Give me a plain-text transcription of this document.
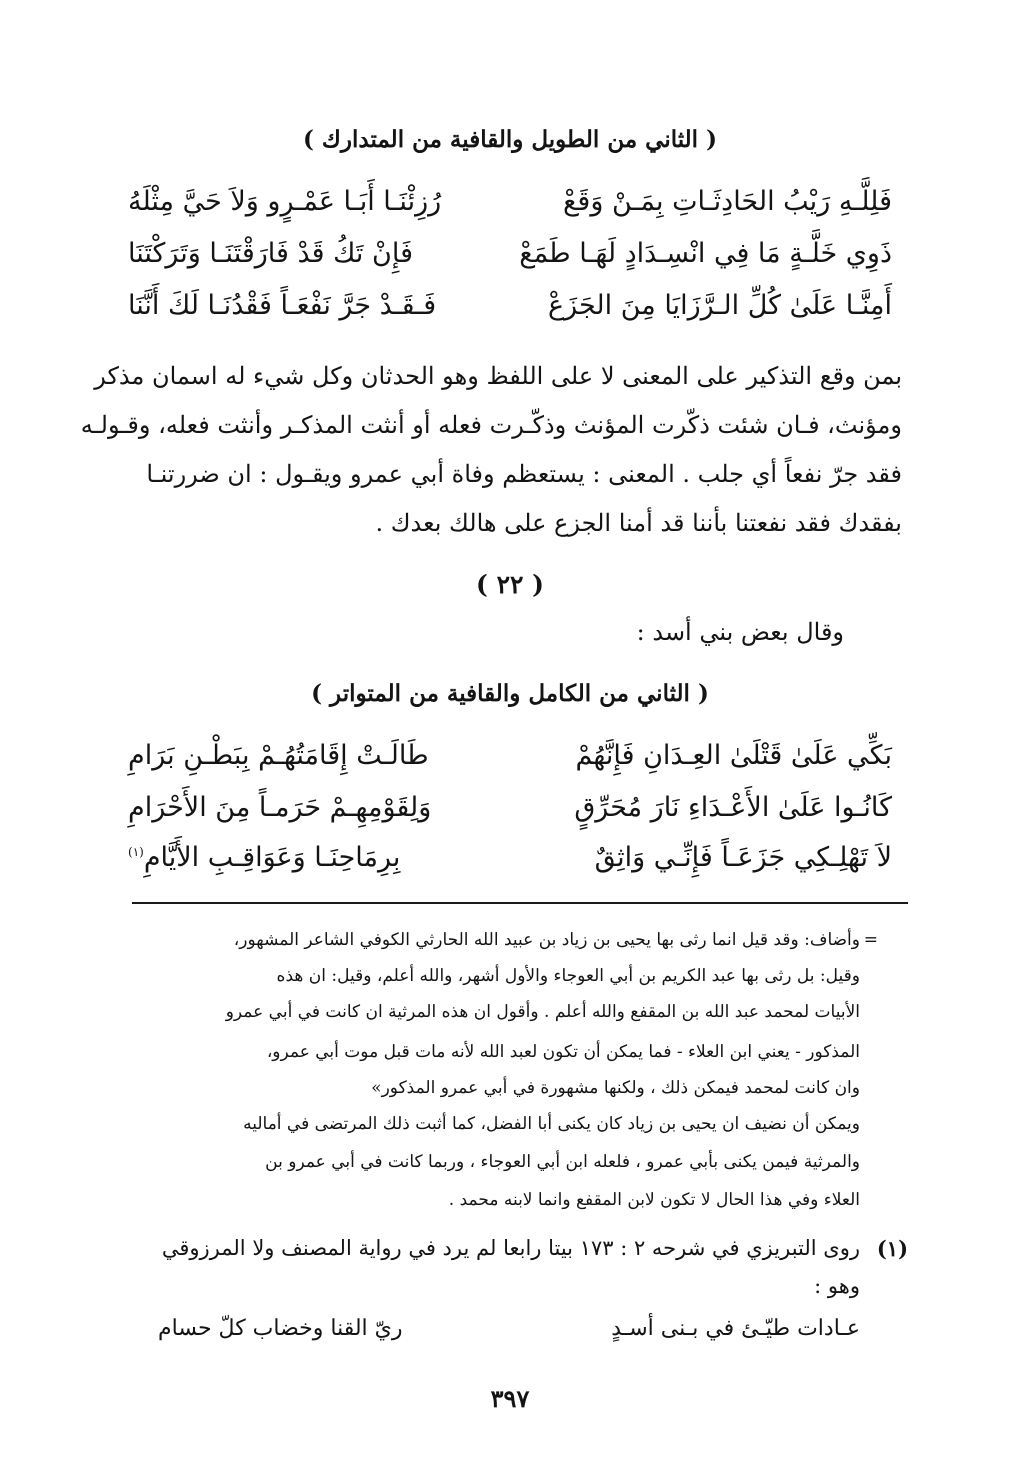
( الثاني من الطويل والقافية من المتدارك )
فَلِلَّـهِ رَيْبُ الحَادِثَـاتِ بِمَـنْ وَقَعْ
رُزِئْنَـا أَبَـا عَمْـرٍو وَلاَ حَيَّ مِثْلَهُ
ذَوِي خَلَّـةٍ مَا فِي انْسِـدَادٍ لَهَـا طَمَعْ
فَإِنْ تَكُ قَدْ فَارَقْتَنَـا وَتَرَكْتَنَا
أَمِنَّـا عَلَىٰ كُلِّ الـرَّزَايَا مِنَ الجَزَعْ
فَـقَـدْ جَرَّ نَفْعَـاً فَقْدُنَـا لَكَ أَنَّنَا
بمن وقع التذكير على المعنى لا على اللفظ وهو الحدثان وكل شيء له اسمان مذكر
ومؤنث، فـان شئت ذكّرت المؤنث وذكّـرت فعله أو أنثت المذكـر وأنثت فعله، وقـولـه
فقد جرّ نفعاً أي جلب . المعنى : يستعظم وفاة أبي عمرو ويقـول : ان ضررتنـا
بفقدك فقد نفعتنا بأننا قد أمنا الجزع على هالك بعدك .
( ٢٢ )
وقال بعض بني أسد :
( الثاني من الكامل والقافية من المتواتر )
بَكِّي عَلَىٰ قَتْلَىٰ العِـدَانِ فَإِنَّهُمْ
طَالَـتْ إِقَامَتُهُـمْ بِبَطْـنِ بَرَامِ
كَانُـوا عَلَىٰ الأَعْـدَاءِ نَارَ مُحَرِّقٍ
وَلِقَوْمِهِـمْ حَرَمـاً مِنَ الأَحْرَامِ
لاَ تَهْلِـكِي جَزَعَـاً فَإِنِّـي وَاثِقٌ
بِرِمَاحِنَـا وَعَوَاقِـبِ الأَيَّامِ$^{(١)}$
=
وأضاف: وقد قيل انما رثى بها يحيى بن زياد بن عبيد الله الحارثي الكوفي الشاعر المشهور،
وقيل: بل رثى بها عبد الكريم بن أبي العوجاء والأول أشهر، والله أعلم، وقيل: ان هذه
الأبيات لمحمد عبد الله بن المقفع والله أعلم . وأقول ان هذه المرثية ان كانت في أبي عمرو
المذكور - يعني ابن العلاء - فما يمكن أن تكون لعبد الله لأنه مات قبل موت أبي عمرو،
وان كانت لمحمد فيمكن ذلك ، ولكنها مشهورة في أبي عمرو المذكور»
ويمكن أن نضيف ان يحيى بن زياد كان يكنى أبا الفضل، كما أثبت ذلك المرتضى في أماليه
والمرثية فيمن يكنى بأبي عمرو ، فلعله ابن أبي العوجاء ، وربما كانت في أبي عمرو بن
العلاء وفي هذا الحال لا تكون لابن المقفع وانما لابنه محمد .
(١)
روى التبريزي في شرحه ٢ : ١٧٣ بيتا رابعا لم يرد في رواية المصنف ولا المرزوقي
وهو :
عـادات طيّـئ في بـنى أسـدٍ
ريّ القنا وخضاب كلّ حسام
٣٩٧
